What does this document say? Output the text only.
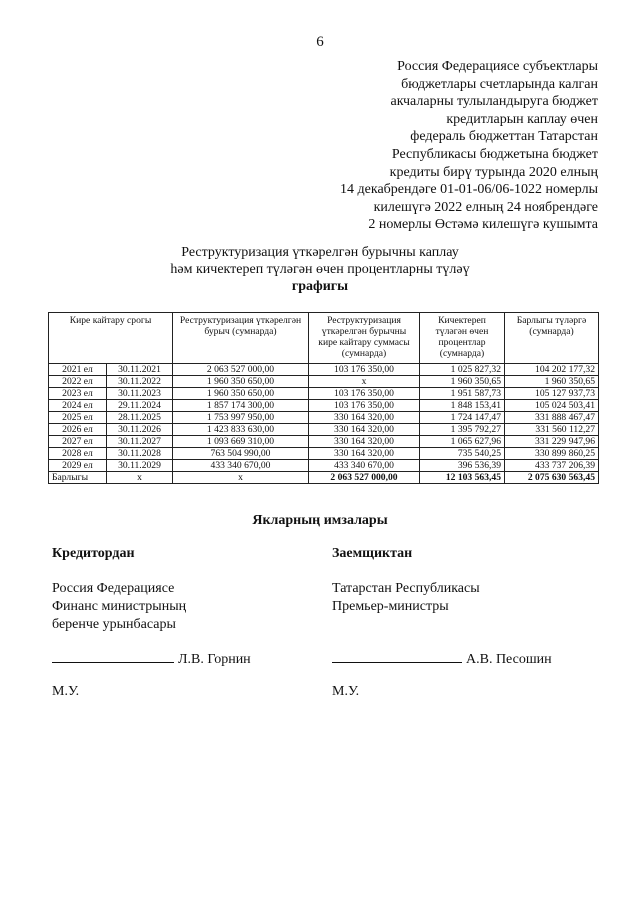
6
Россия Федерациясе субъектлары
бюджетлары счетларында калган
акчаларны тулыландыруга бюджет
кредитларын каплау өчен
федераль бюджеттан Татарстан
Республикасы бюджетына бюджет
кредиты бирү турында 2020 елның
14 декабрендәге 01-01-06/06-1022 номерлы
килешүгә 2022 елның 24 ноябрендәге
2 номерлы Өстәмә килешүгә кушымта
Реструктуризация үткәрелгән бурычны каплау
һәм кичектереп түләгән өчен процентларны түләү
графигы
Кире кайтару срогы		Реструктуризация үткәрелгән бурыч (сумнарда)	Реструктуризация үткәрелгән бурычны кире кайтару суммасы (сумнарда)	Кичектереп түләгән өчен процентлар (сумнарда)	Барлыгы түләргә (сумнарда)
2021 ел	30.11.2021	2 063 527 000,00	103 176 350,00	1 025 827,32	104 202 177,32
2022 ел	30.11.2022	1 960 350 650,00	х	1 960 350,65	1 960 350,65
2023 ел	30.11.2023	1 960 350 650,00	103 176 350,00	1 951 587,73	105 127 937,73
2024 ел	29.11.2024	1 857 174 300,00	103 176 350,00	1 848 153,41	105 024 503,41
2025 ел	28.11.2025	1 753 997 950,00	330 164 320,00	1 724 147,47	331 888 467,47
2026 ел	30.11.2026	1 423 833 630,00	330 164 320,00	1 395 792,27	331 560 112,27
2027 ел	30.11.2027	1 093 669 310,00	330 164 320,00	1 065 627,96	331 229 947,96
2028 ел	30.11.2028	763 504 990,00	330 164 320,00	735 540,25	330 899 860,25
2029 ел	30.11.2029	433 340 670,00	433 340 670,00	396 536,39	433 737 206,39
Барлыгы	х	х	2 063 527 000,00	12 103 563,45	2 075 630 563,45
Якларның имзалары
Кредитордан
Россия Федерациясе
Финанс министрының
беренче урынбасары
Заемщиктан
Татарстан Республикасы
Премьер-министры
Л.В. Горнин	А.В. Песошин
М.У.	М.У.
